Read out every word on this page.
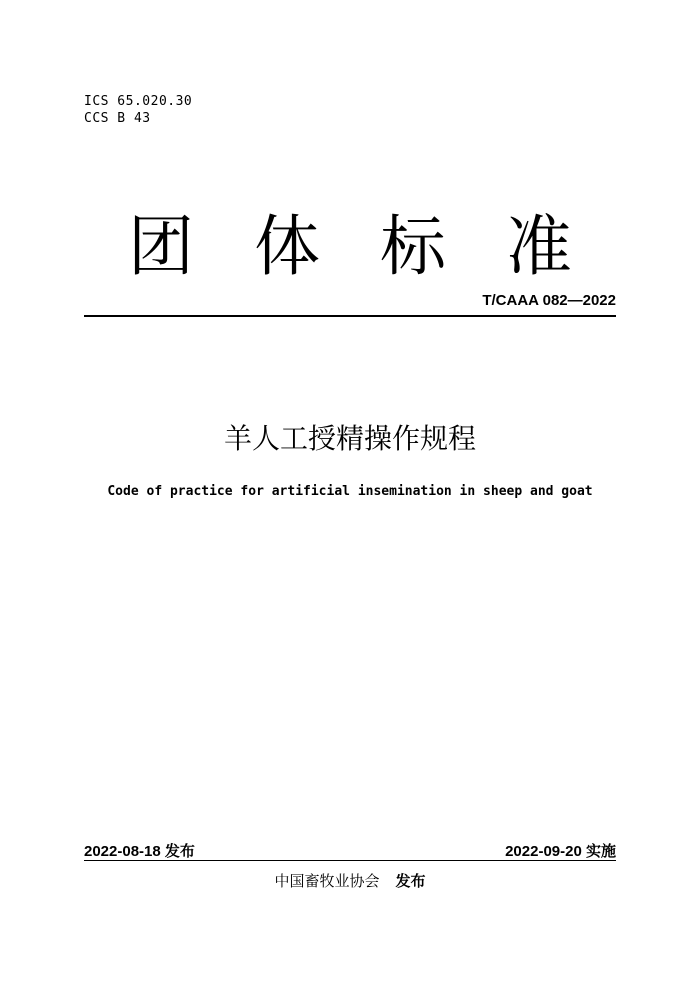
ICS 65.020.30
CCS B 43
团 体 标 准
T/CAAA 082—2022
羊人工授精操作规程
Code of practice for artificial insemination in sheep and goat
2022-08-18 发布	2022-09-20 实施
中国畜牧业协会 发布
